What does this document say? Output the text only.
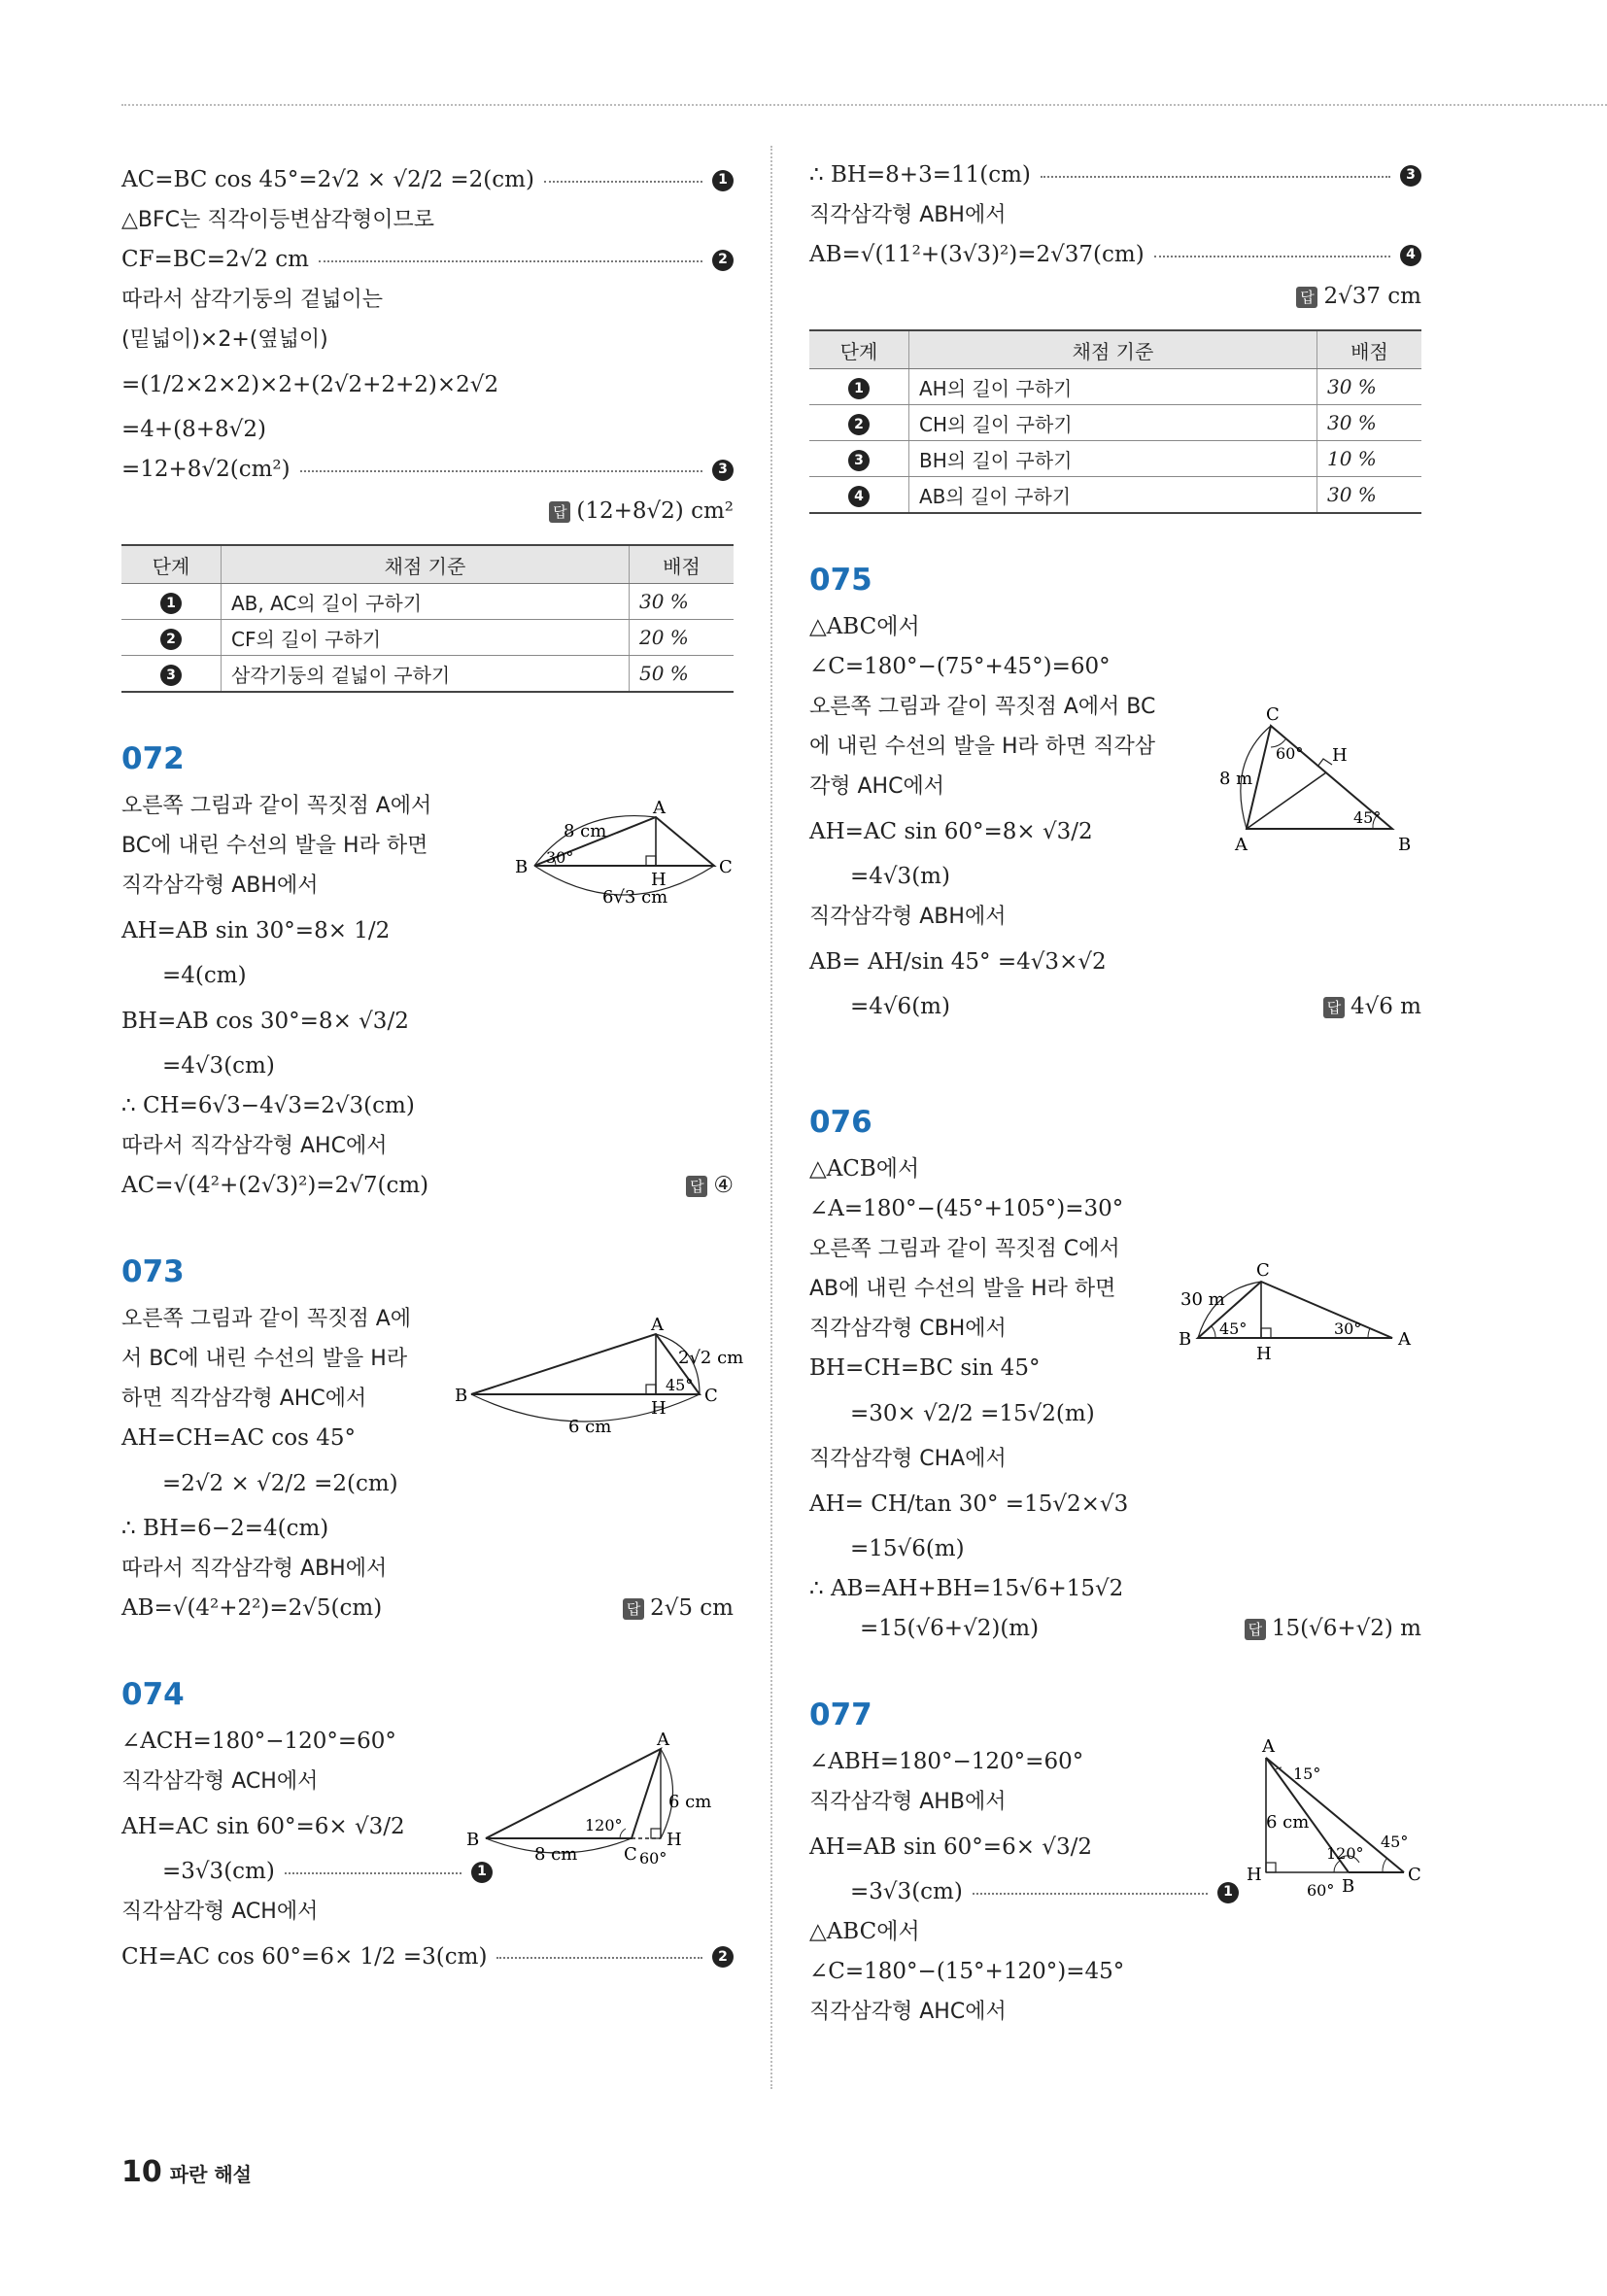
AC=BC cos 45°=2√2 × √2/2 =2(cm)	1
△BFC는 직각이등변삼각형이므로
CF=BC=2√2 cm	2
따라서 삼각기둥의 겉넓이는
(밑넓이)×2+(옆넓이)
=(1/2×2×2)×2+(2√2+2+2)×2√2
=4+(8+8√2)
=12+8√2(cm²)	3
답 (12+8√2) cm²
단계	채점 기준	배점
1	AB, AC의 길이 구하기	30 %
2	CF의 길이 구하기	20 %
3	삼각기둥의 겉넓이 구하기	50 %
072
오른쪽 그림과 같이 꼭짓점 A에서
BC에 내린 수선의 발을 H라 하면
직각삼각형 ABH에서
AH=AB sin 30°=8× 1/2
=4(cm)
BH=AB cos 30°=8× √3/2
=4√3(cm)
∴ CH=6√3−4√3=2√3(cm)
따라서 직각삼각형 AHC에서
AC=√(4²+(2√3)²)=2√7(cm)	답 ④
A
B	C
H
8 cm
30°
6√3 cm
073
오른쪽 그림과 같이 꼭짓점 A에
서 BC에 내린 수선의 발을 H라
하면 직각삼각형 AHC에서
AH=CH=AC cos 45°
=2√2 × √2/2 =2(cm)
∴ BH=6−2=4(cm)
따라서 직각삼각형 ABH에서
AB=√(4²+2²)=2√5(cm)	답 2√5 cm
A
B	C
H
2√2 cm
45°
6 cm
074
∠ACH=180°−120°=60°
직각삼각형 ACH에서
AH=AC sin 60°=6× √3/2
=3√3(cm)	1
직각삼각형 ACH에서
CH=AC cos 60°=6× 1/2 =3(cm)	2
A
B
C
H
6 cm
8 cm
120°
60°
∴ BH=8+3=11(cm)	3
직각삼각형 ABH에서
AB=√(11²+(3√3)²)=2√37(cm)	4
답 2√37 cm
단계	채점 기준	배점
1	AH의 길이 구하기	30 %
2	CH의 길이 구하기	30 %
3	BH의 길이 구하기	10 %
4	AB의 길이 구하기	30 %
075
△ABC에서
∠C=180°−(75°+45°)=60°
오른쪽 그림과 같이 꼭짓점 A에서 BC
에 내린 수선의 발을 H라 하면 직각삼
각형 AHC에서
AH=AC sin 60°=8× √3/2
=4√3(m)
직각삼각형 ABH에서
AB= AH/sin 45° =4√3×√2
=4√6(m)	답 4√6 m
C
A	B
H
8 m
60°
45°
076
△ACB에서
∠A=180°−(45°+105°)=30°
오른쪽 그림과 같이 꼭짓점 C에서
AB에 내린 수선의 발을 H라 하면
직각삼각형 CBH에서
BH=CH=BC sin 45°
=30× √2/2 =15√2(m)
직각삼각형 CHA에서
AH= CH/tan 30° =15√2×√3
=15√6(m)
∴ AB=AH+BH=15√6+15√2
=15(√6+√2)(m)	답 15(√6+√2) m
C
B	A
H
30 m
45°	30°
077
∠ABH=180°−120°=60°
직각삼각형 AHB에서
AH=AB sin 60°=6× √3/2
=3√3(cm)	1
△ABC에서
∠C=180°−(15°+120°)=45°
직각삼각형 AHC에서
A
H
B
C
6 cm
15°
120°
45°
60°
10 파란 해설
